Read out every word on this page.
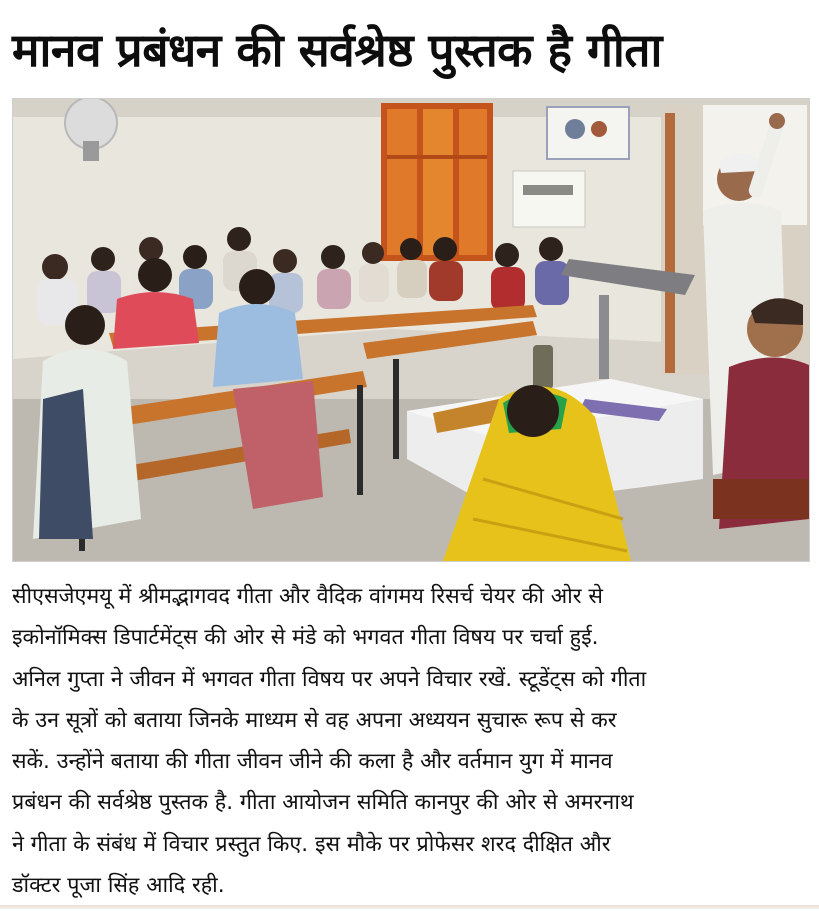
मानव प्रबंधन की सर्वश्रेष्ठ पुस्तक है गीता
सीएसजेएमयू में श्रीमद्भागवद गीता और वैदिक वांगमय रिसर्च चेयर की ओर से
इकोनॉमिक्स डिपार्टमेंट्स की ओर से मंडे को भगवत गीता विषय पर चर्चा हुई.
अनिल गुप्ता ने जीवन में भगवत गीता विषय पर अपने विचार रखें. स्टूडेंट्स को गीता
के उन सूत्रों को बताया जिनके माध्यम से वह अपना अध्ययन सुचारू रूप से कर
सकें. उन्होंने बताया की गीता जीवन जीने की कला है और वर्तमान युग में मानव
प्रबंधन की सर्वश्रेष्ठ पुस्तक है. गीता आयोजन समिति कानपुर की ओर से अमरनाथ
ने गीता के संबंध में विचार प्रस्तुत किए. इस मौके पर प्रोफेसर शरद दीक्षित और
डॉक्टर पूजा सिंह आदि रही.
